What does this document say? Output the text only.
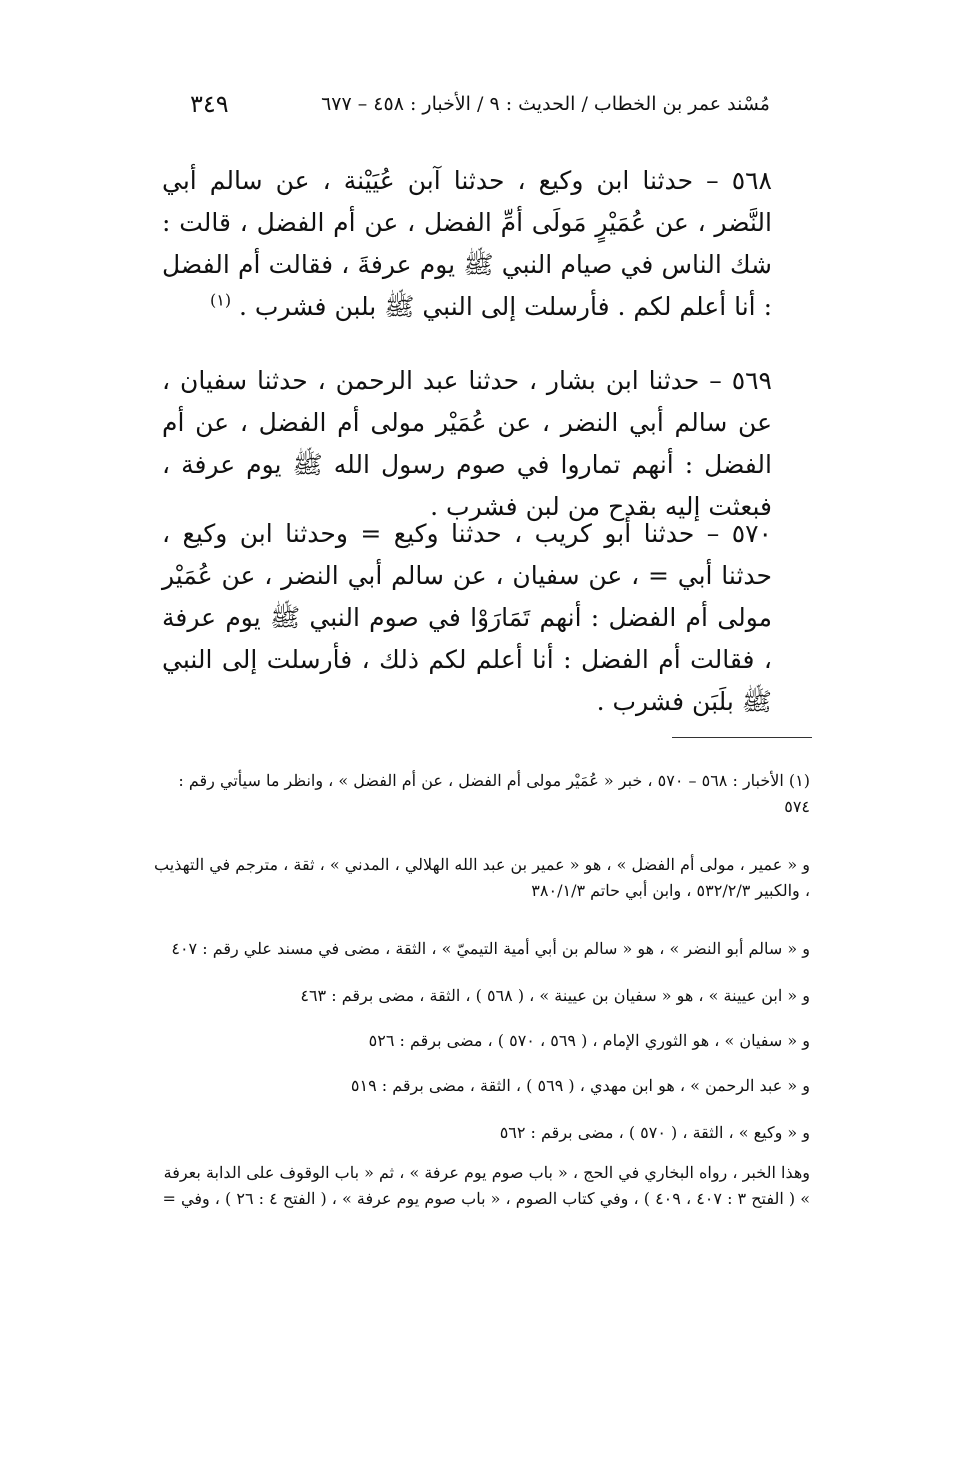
مُسْند عمر بن الخطاب / الحديث : ٩ / الأخبار : ٤٥٨ – ٦٧٧
٣٤٩
٥٦٨ – حدثنا ابن وكيع ، حدثنا آبن عُيَيْنة ، عن سالم أبي النَّضر ، عن عُمَيْرٍ مَولَى أمِّ الفضل ، عن أم الفضل ، قالت : شك الناس في صيام النبي ﷺ يوم عرفةَ ، فقالت أم الفضل : أنا أعلم لكم . فأرسلت إلى النبي ﷺ بلبن فشرب . $^{(١)}$
٥٦٩ – حدثنا ابن بشار ، حدثنا عبد الرحمن ، حدثنا سفيان ، عن سالم أبي النضر ، عن عُمَيْر مولى أم الفضل ، عن أم الفضل : أنهم تماروا في صوم رسول الله ﷺ يوم عرفة ، فبعثت إليه بقدح من لبن فشرب .
٥٧٠ – حدثنا أبو كريب ، حدثنا وكيع = وحدثنا ابن وكيع ، حدثنا أبي = ، عن سفيان ، عن سالم أبي النضر ، عن عُمَيْر مولى أم الفضل : أنهم تَمَارَوْا في صوم النبي ﷺ يوم عرفة ، فقالت أم الفضل : أنا أعلم لكم ذلك ، فأرسلت إلى النبي ﷺ بلَبَن فشرب .
(١) الأخبار : ٥٦٨ – ٥٧٠ ، خبر « عُمَيْر مولى أم الفضل ، عن أم الفضل » ، وانظر ما سيأتي رقم : ٥٧٤
و « عمير ، مولى أم الفضل » ، هو « عمير بن عبد الله الهلالي ، المدني » ، ثقة ، مترجم في التهذيب ، والكبير ٥٣٢/٢/٣ ، وابن أبي حاتم ٣٨٠/١/٣
و « سالم أبو النضر » ، هو « سالم بن أبي أمية التيميّ » ، الثقة ، مضى في مسند علي رقم : ٤٠٧
و « ابن عيينة » ، هو « سفيان بن عيينة » ، ( ٥٦٨ ) ، الثقة ، مضى برقم : ٤٦٣
و « سفيان » ، هو الثوري الإمام ، ( ٥٦٩ ، ٥٧٠ ) ، مضى برقم : ٥٢٦
و « عبد الرحمن » ، هو ابن مهدي ، ( ٥٦٩ ) ، الثقة ، مضى برقم : ٥١٩
و « وكيع » ، الثقة ، ( ٥٧٠ ) ، مضى برقم : ٥٦٢
وهذا الخبر ، رواه البخاري في الحج ، « باب صوم يوم عرفة » ، ثم « باب الوقوف على الدابة بعرفة » ( الفتح ٣ : ٤٠٧ ، ٤٠٩ ) ، وفي كتاب الصوم ، « باب صوم يوم عرفة » ، ( الفتح ٤ : ٢٦ ) ، وفي =
